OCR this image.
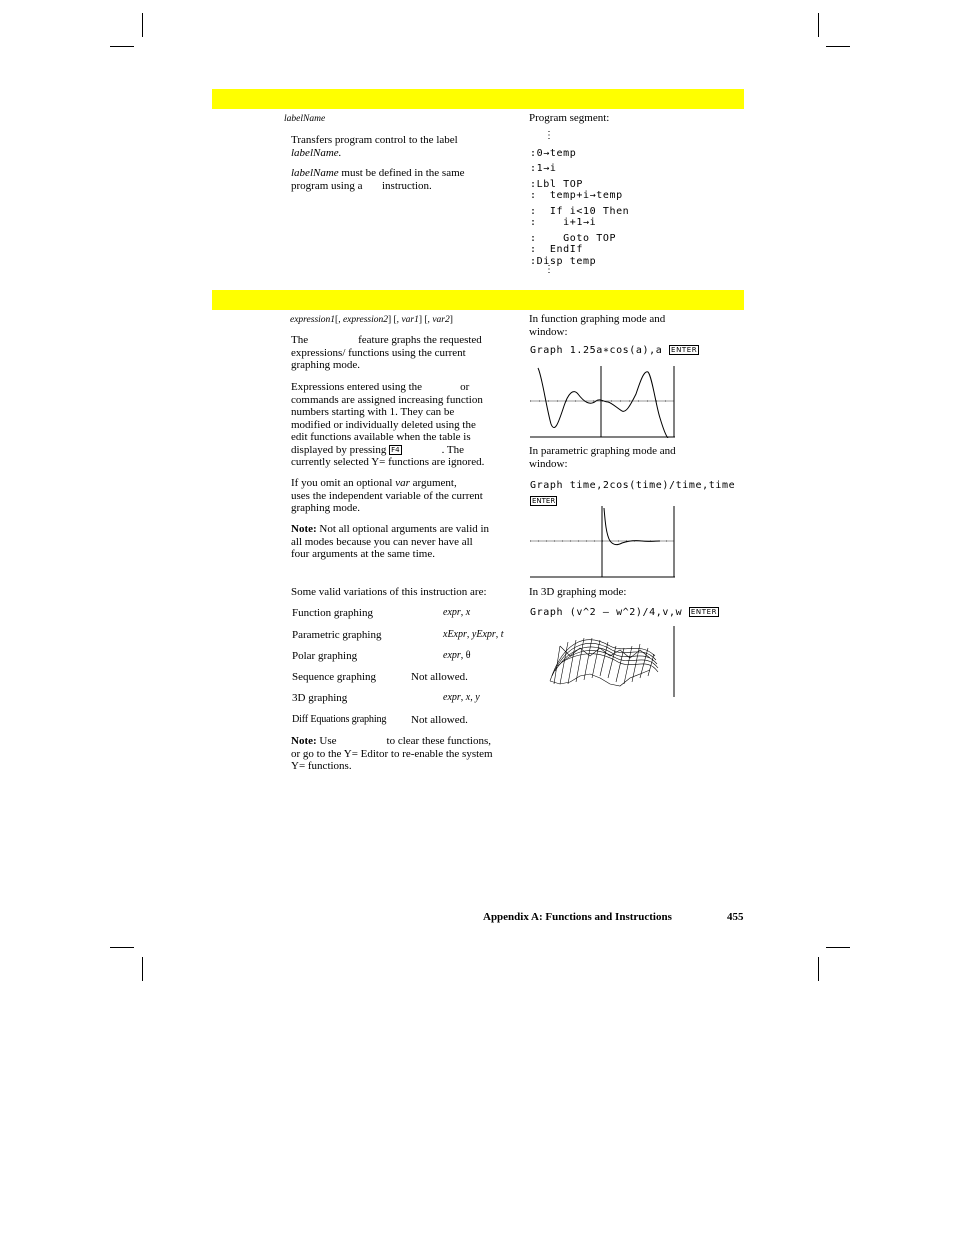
labelName
Transfers program control to the label
labelName.
labelName must be defined in the same
program using a instruction.
Program segment:
⋮
:0→temp
:1→i
:Lbl TOP
:  temp+i→temp
:  If i<10 Then
:    i+1→i
:    Goto TOP
:  EndIf
:Disp temp
⋮
expression1[, expression2] [, var1] [, var2]
The	feature graphs the requested
expressions/ functions using the current
graphing mode.
Expressions entered using the	or
commands are assigned increasing function
numbers starting with 1. They can be
modified or individually deleted using the
edit functions available when the table is
displayed by pressing F4	. The
currently selected Y= functions are ignored.
If you omit an optional var argument,
uses the independent variable of the current
graphing mode.
Note: Not all optional arguments are valid in
all modes because you can never have all
four arguments at the same time.
Some valid variations of this instruction are:
Function graphing	expr, x
Parametric graphing	xExpr, yExpr, t
Polar graphing	expr, θ
Sequence graphing	Not allowed.
3D graphing	expr, x, y
Diff Equations graphing Not allowed.
Note: Use	to clear these functions,
or go to the Y= Editor to re-enable the system
Y= functions.
In function graphing mode and
window:
Graph 1.25a∗cos(a),a ENTER
In parametric graphing mode and
window:
Graph time,2cos(time)/time,time
ENTER
In 3D graphing mode:
Graph (v^2 – w^2)/4,v,w ENTER
Appendix A: Functions and Instructions	455
